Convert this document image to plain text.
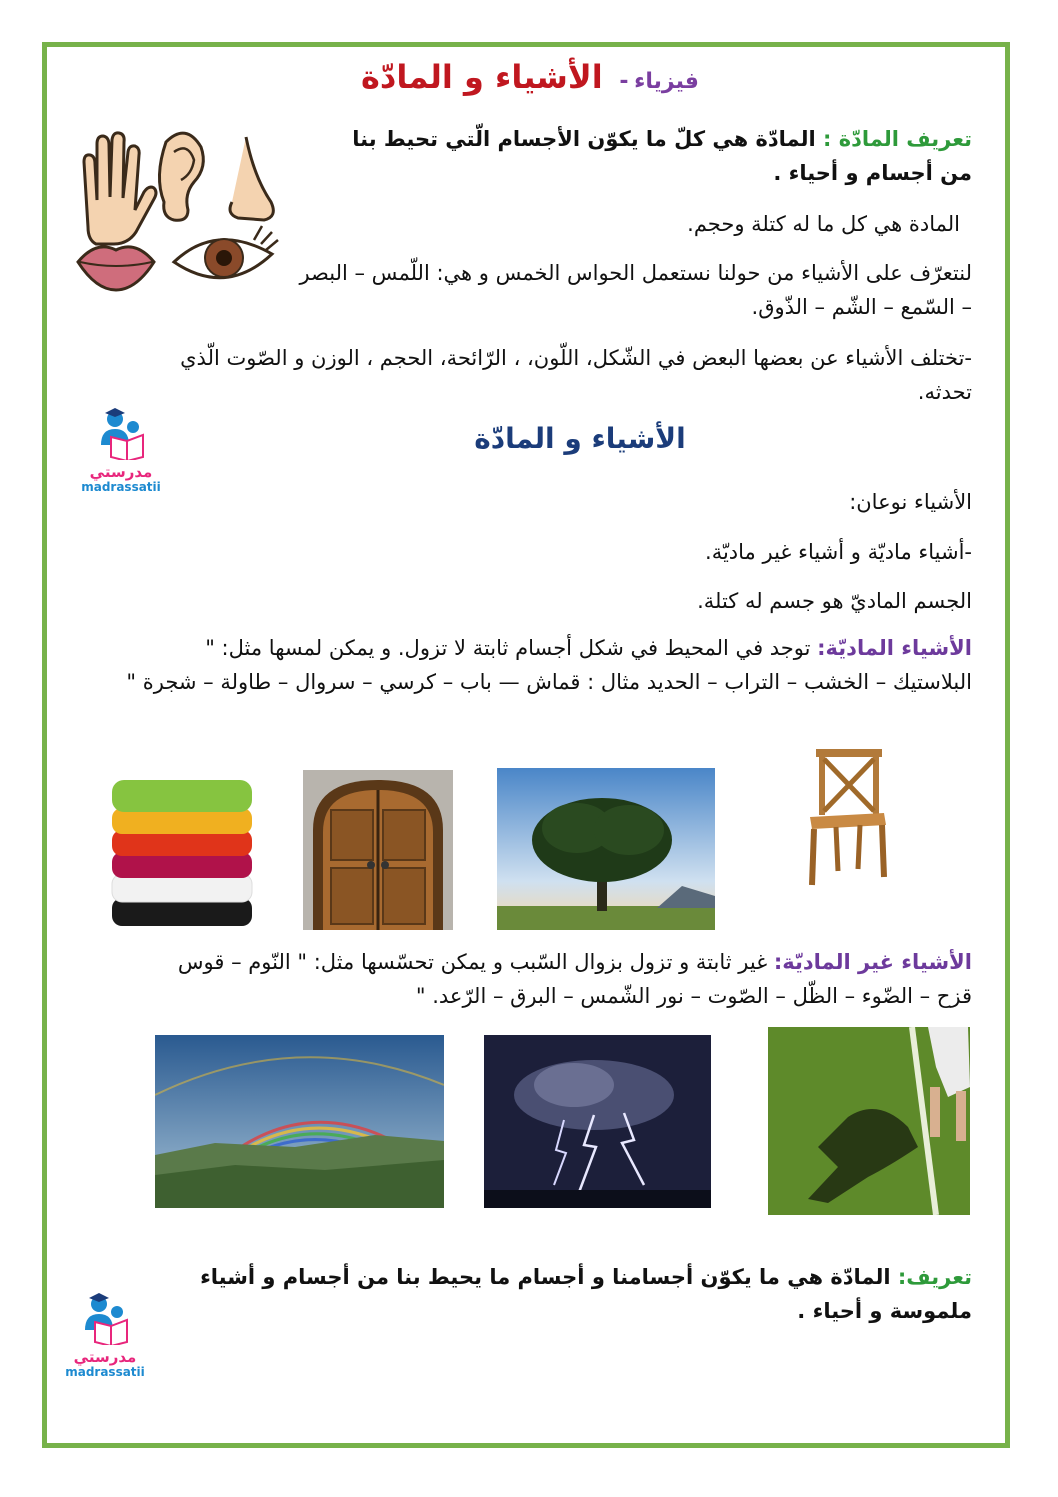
فيزياء -   الأشياء و المادّة
تعريف المادّة : المادّة هي كلّ ما يكوّن الأجسام الّتي تحيط بنا من أجسام و أحياء .
المادة هي كل ما له كتلة وحجم.
لنتعرّف على الأشياء من حولنا نستعمل الحواس الخمس و هي: اللّمس – البصر – السّمع – الشّم – الذّوق.
-تختلف الأشياء عن بعضها البعض في الشّكل، اللّون، ، الرّائحة، الحجم ، الوزن و الصّوت الّذي تحدثه.
مدرستي
madrassatii
الأشياء و المادّة
الأشياء نوعان:
-أشياء ماديّة و أشياء غير ماديّة.
الجسم الماديّ هو جسم له كتلة.
الأشياء الماديّة: توجد في المحيط في شكل أجسام ثابتة لا تزول. و يمكن لمسها مثل: " البلاستيك – الخشب – التراب – الحديد مثال : قماش — باب – كرسي – سروال – طاولة – شجرة "
الأشياء غير الماديّة: غير ثابتة و تزول بزوال السّبب و يمكن تحسّسها مثل: " النّوم – قوس قزح – الضّوء – الظّل – الصّوت – نور الشّمس – البرق – الرّعد. "
تعريف: المادّة هي ما يكوّن أجسامنا و أجسام ما يحيط بنا من أجسام و أشياء ملموسة و أحياء .
مدرستي
madrassatii
